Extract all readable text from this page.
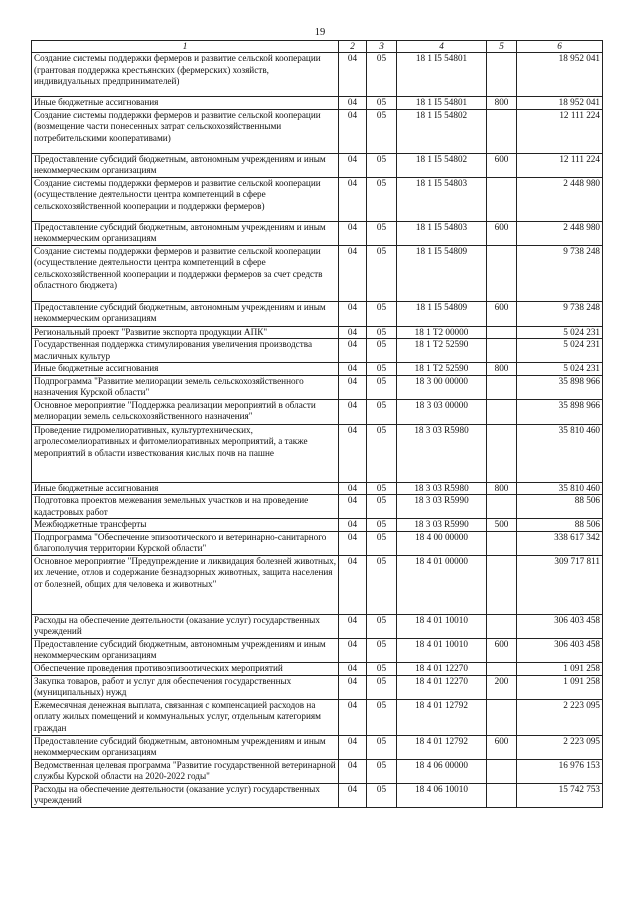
19
1	2	3	4	5	6
Создание системы поддержки фермеров и развитие сельской кооперации (грантовая поддержка крестьянских (фермерских) хозяйств, индивидуальных предпринимателей)	04	05	18 1 I5 54801		18 952 041
Иные бюджетные ассигнования	04	05	18 1 I5 54801	800	18 952 041
Создание системы поддержки фермеров и развитие сельской кооперации (возмещение части понесенных затрат сельскохозяйственными потребительскими кооперативами)	04	05	18 1 I5 54802		12 111 224
Предоставление субсидий бюджетным, автономным учреждениям и иным некоммерческим организациям	04	05	18 1 I5 54802	600	12 111 224
Создание системы поддержки фермеров и развитие сельской кооперации (осуществление деятельности центра компетенций в сфере сельскохозяйственной кооперации и поддержки фермеров)	04	05	18 1 I5 54803		2 448 980
Предоставление субсидий бюджетным, автономным учреждениям и иным некоммерческим организациям	04	05	18 1 I5 54803	600	2 448 980
Создание системы поддержки фермеров и развитие сельской кооперации (осуществление деятельности центра компетенций в сфере сельскохозяйственной кооперации и поддержки фермеров за счет средств областного бюджета)	04	05	18 1 I5 54809		9 738 248
Предоставление субсидий бюджетным, автономным учреждениям и иным некоммерческим организациям	04	05	18 1 I5 54809	600	9 738 248
Региональный проект "Развитие экспорта продукции АПК"	04	05	18 1 T2 00000		5 024 231
Государственная поддержка стимулирования увеличения производства масличных культур	04	05	18 1 T2 52590		5 024 231
Иные бюджетные ассигнования	04	05	18 1 T2 52590	800	5 024 231
Подпрограмма "Развитие мелиорации земель сельскохозяйственного назначения Курской области"	04	05	18 3 00 00000		35 898 966
Основное мероприятие "Поддержка реализации мероприятий в области мелиорации земель сельскохозяйственного назначения"	04	05	18 3 03 00000		35 898 966
Проведение гидромелиоративных, культуртехнических, агролесомелиоративных и фитомелиоративных мероприятий, а также мероприятий в области известкования кислых почв на пашне	04	05	18 3 03 R5980		35 810 460
Иные бюджетные ассигнования	04	05	18 3 03 R5980	800	35 810 460
Подготовка проектов межевания земельных участков и на проведение кадастровых работ	04	05	18 3 03 R5990		88 506
Межбюджетные трансферты	04	05	18 3 03 R5990	500	88 506
Подпрограмма "Обеспечение эпизоотического и ветеринарно-санитарного благополучия территории Курской области"	04	05	18 4 00 00000		338 617 342
Основное мероприятие "Предупреждение и ликвидация болезней животных, их лечение, отлов и содержание безнадзорных животных, защита населения от болезней, общих для человека и животных"	04	05	18 4 01 00000		309 717 811
Расходы на обеспечение деятельности (оказание услуг) государственных учреждений	04	05	18 4 01 10010		306 403 458
Предоставление субсидий бюджетным, автономным учреждениям и иным некоммерческим организациям	04	05	18 4 01 10010	600	306 403 458
Обеспечение проведения противоэпизоотических мероприятий	04	05	18 4 01 12270		1 091 258
Закупка товаров, работ и услуг для обеспечения государственных (муниципальных) нужд	04	05	18 4 01 12270	200	1 091 258
Ежемесячная денежная выплата, связанная с компенсацией расходов на оплату жилых помещений и коммунальных услуг, отдельным категориям граждан	04	05	18 4 01 12792		2 223 095
Предоставление субсидий бюджетным, автономным учреждениям и иным некоммерческим организациям	04	05	18 4 01 12792	600	2 223 095
Ведомственная целевая программа "Развитие государственной ветеринарной службы Курской области на 2020-2022 годы"	04	05	18 4 06 00000		16 976 153
Расходы на обеспечение деятельности (оказание услуг) государственных учреждений	04	05	18 4 06 10010		15 742 753
